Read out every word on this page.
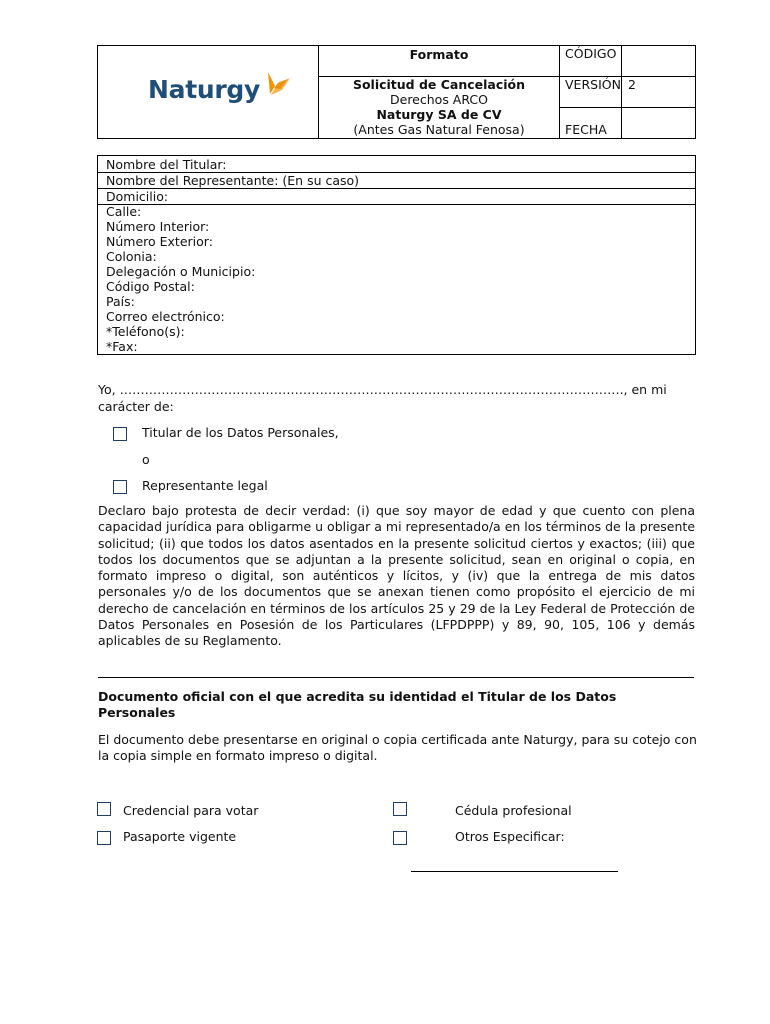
Naturgy
Formato
Solicitud de Cancelación
Derechos ARCO
Naturgy SA de CV
(Antes Gas Natural Fenosa)
CÓDIGO
VERSIÓN
FECHA
2
Nombre del Titular:
Nombre del Representante: (En su caso)
Domicilio:
Calle:
Número Interior:
Número Exterior:
Colonia:
Delegación o Municipio:
Código Postal:
País:
Correo electrónico:
*Teléfono(s):
*Fax:
Yo, …………………………………………………………………………………………………………., en mi
carácter de:
Titular de los Datos Personales,
o
Representante legal
Declaro bajo protesta de decir verdad: (i) que soy mayor de edad y que cuento con plena capacidad jurídica para obligarme u obligar a mi representado/a en los términos de la presente solicitud; (ii) que todos los datos asentados en la presente solicitud ciertos y exactos; (iii) que todos los documentos que se adjuntan a la presente solicitud, sean en original o copia, en formato impreso o digital, son auténticos y lícitos, y (iv) que la entrega de mis datos personales y/o de los documentos que se anexan tienen como propósito el ejercicio de mi derecho de cancelación en términos de los artículos 25 y 29 de la Ley Federal de Protección de Datos Personales en Posesión de los Particulares (LFPDPPP) y 89, 90, 105, 106 y demás aplicables de su Reglamento.
Documento oficial con el que acredita su identidad el Titular de los Datos Personales
El documento debe presentarse en original o copia certificada ante Naturgy, para su cotejo con la copia simple en formato impreso o digital.
Credencial para votar	Cédula profesional
Pasaporte vigente	Otros Especificar:
